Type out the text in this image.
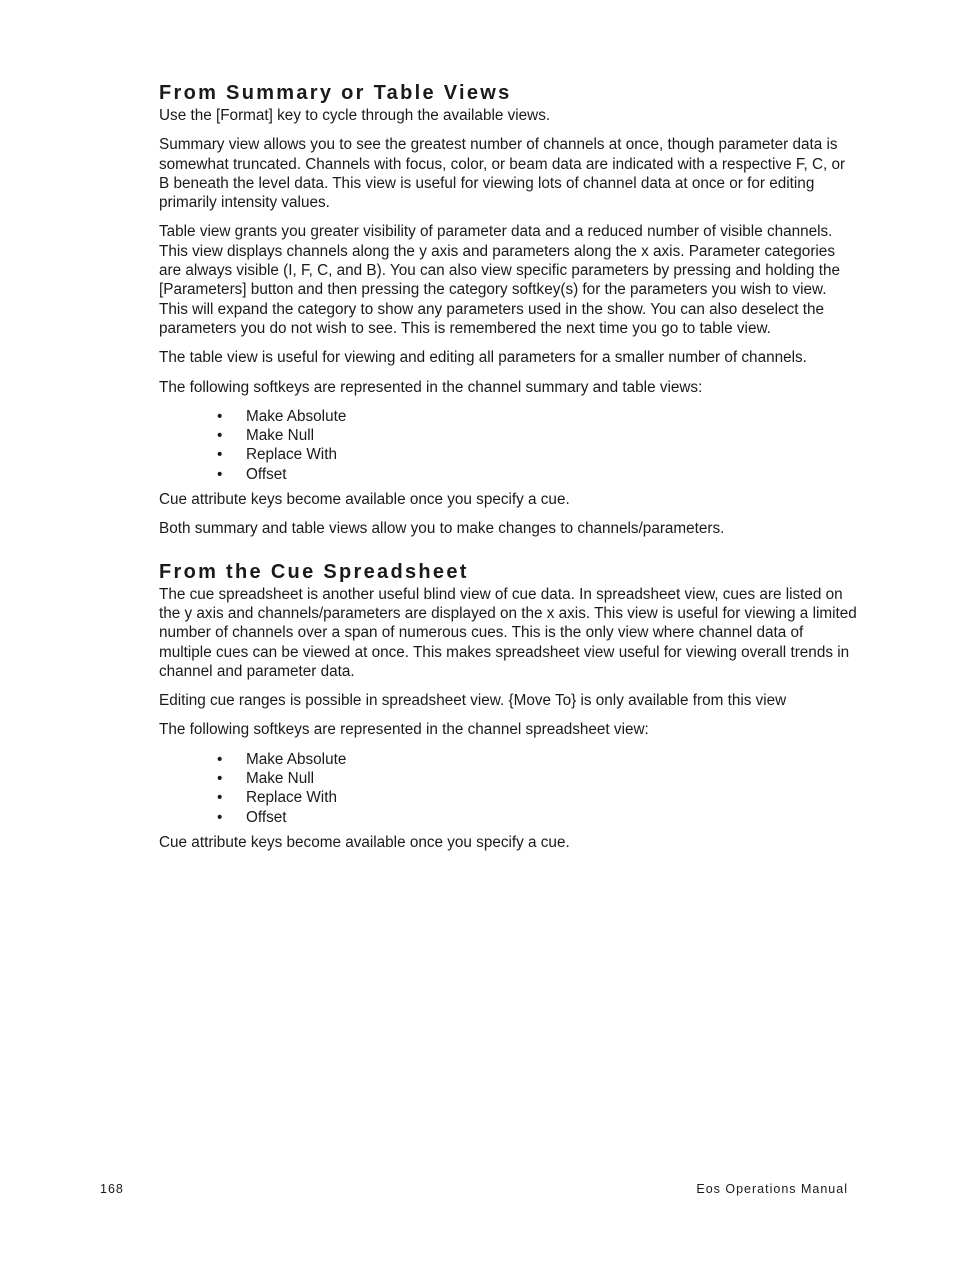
From Summary or Table Views

Use the [Format] key to cycle through the available views.

Summary view allows you to see the greatest number of channels at once, though parameter data is somewhat truncated. Channels with focus, color, or beam data are indicated with a respective F, C, or B beneath the level data. This view is useful for viewing lots of channel data at once or for editing primarily intensity values.

Table view grants you greater visibility of parameter data and a reduced number of visible channels. This view displays channels along the y axis and parameters along the x axis. Parameter categories are always visible (I, F, C, and B). You can also view specific parameters by pressing and holding the [Parameters] button and then pressing the category softkey(s) for the parameters you wish to view. This will expand the category to show any parameters used in the show. You can also deselect the parameters you do not wish to see. This is remembered the next time you go to table view.

The table view is useful for viewing and editing all parameters for a smaller number of channels.

The following softkeys are represented in the channel summary and table views:

• Make Absolute
• Make Null
• Replace With
• Offset

Cue attribute keys become available once you specify a cue.

Both summary and table views allow you to make changes to channels/parameters.

From the Cue Spreadsheet

The cue spreadsheet is another useful blind view of cue data. In spreadsheet view, cues are listed on the y axis and channels/parameters are displayed on the x axis. This view is useful for viewing a limited number of channels over a span of numerous cues. This is the only view where channel data of multiple cues can be viewed at once. This makes spreadsheet view useful for viewing overall trends in channel and parameter data.

Editing cue ranges is possible in spreadsheet view. {Move To} is only available from this view

The following softkeys are represented in the channel spreadsheet view:

• Make Absolute
• Make Null
• Replace With
• Offset

Cue attribute keys become available once you specify a cue.

168	Eos Operations Manual
